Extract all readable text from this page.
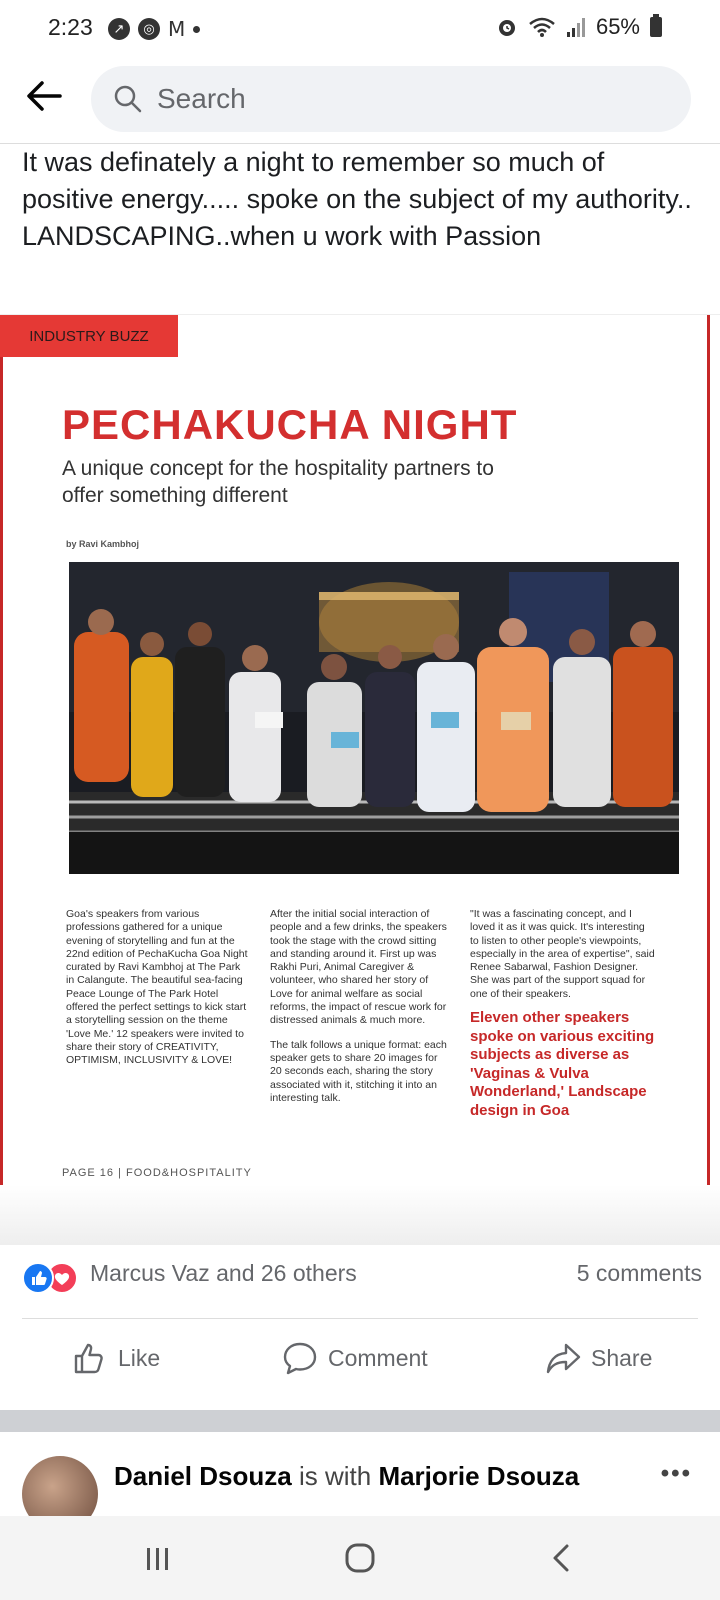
2:23	↗	◎ M	65%
Search
It was definately a night to remember so much of positive energy..... spoke on the subject of my authority.. LANDSCAPING..when u work with Passion
INDUSTRY BUZZ
PECHAKUCHA NIGHT
A unique concept for the hospitality partners to offer something different
by Ravi Kambhoj
Goa's speakers from various professions gathered for a unique evening of storytelling and fun at the 22nd edition of PechaKucha Goa Night curated by Ravi Kambhoj at The Park in Calangute. The beautiful sea-facing Peace Lounge of The Park Hotel offered the perfect settings to kick start a storytelling session on the theme 'Love Me.' 12 speakers were invited to share their story of CREATIVITY, OPTIMISM, INCLUSIVITY & LOVE!

After the initial social interaction of people and a few drinks, the speakers took the stage with the crowd sitting and standing around it. First up was Rakhi Puri, Animal Caregiver & volunteer, who shared her story of Love for animal welfare as social reforms, the impact of rescue work for distressed animals & much more.

The talk follows a unique format: each speaker gets to share 20 images for 20 seconds each, sharing the story associated with it, stitching it into an interesting talk.

"It was a fascinating concept, and I loved it as it was quick. It's interesting to listen to other people's viewpoints, especially in the area of expertise", said Renee Sabarwal, Fashion Designer. She was part of the support squad for one of their speakers.
Eleven other speakers spoke on various exciting subjects as diverse as 'Vaginas & Vulva Wonderland,' Landscape design in Goa
PAGE 16 | FOOD&HOSPITALITY
Marcus Vaz and 26 others	5 comments
Like	Comment	Share
Daniel Dsouza is with Marjorie Dsouza	•••
